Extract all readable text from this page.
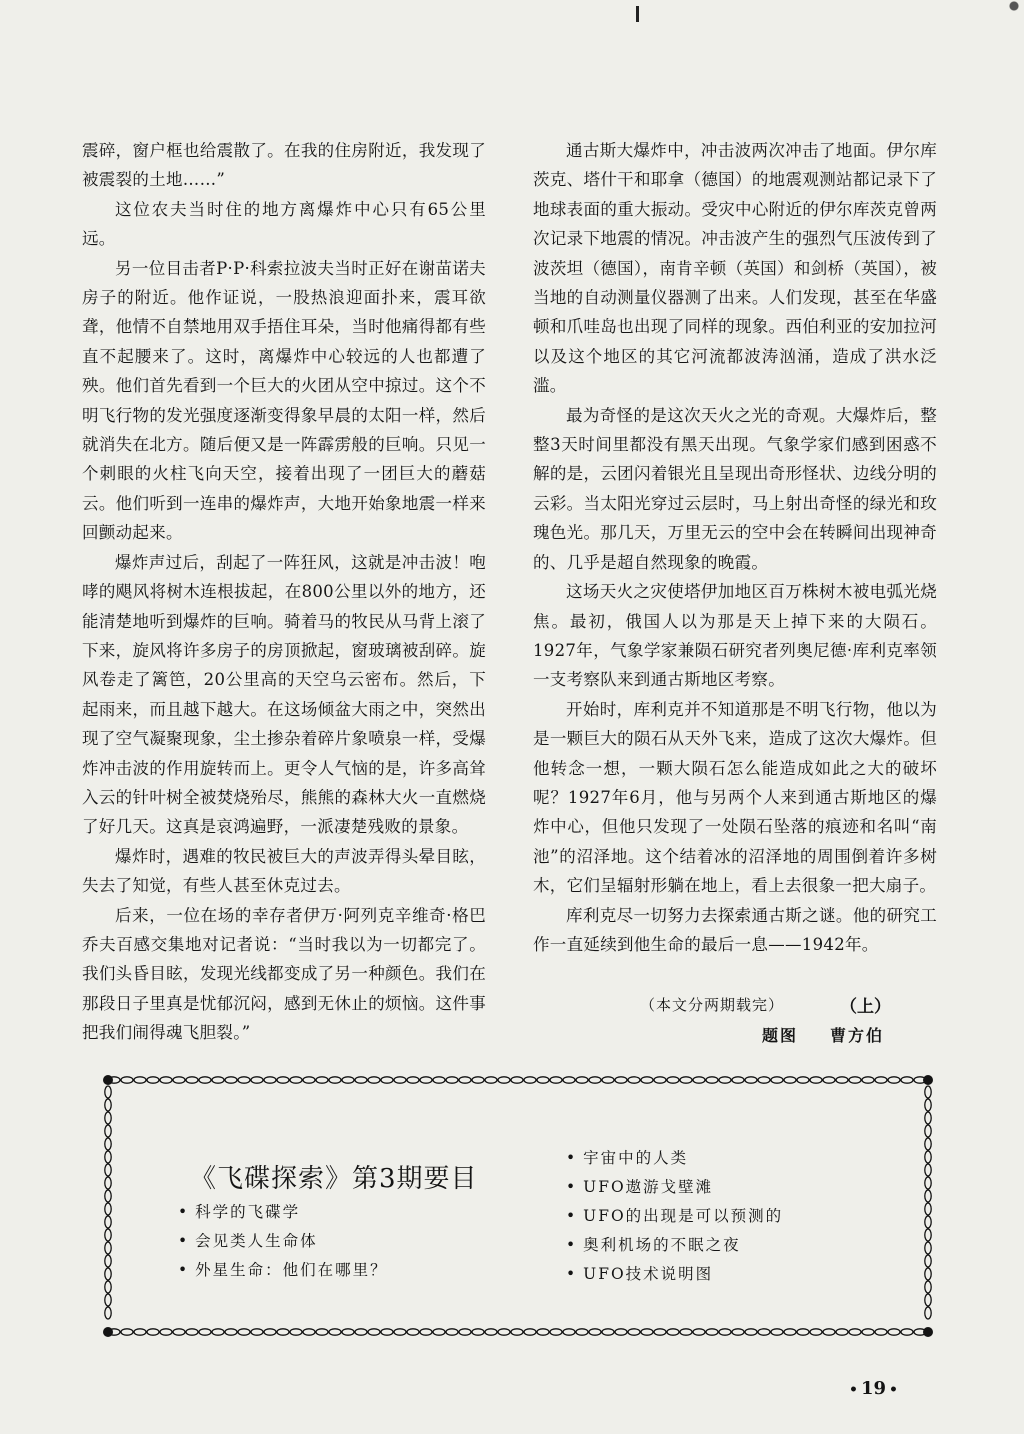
震碎，窗户框也给震散了。在我的住房附近，我发现了被震裂的土地……”

这位农夫当时住的地方离爆炸中心只有65公里远。

另一位目击者P·P·科索拉波夫当时正好在谢苗诺夫房子的附近。他作证说，一股热浪迎面扑来，震耳欲聋，他情不自禁地用双手捂住耳朵，当时他痛得都有些直不起腰来了。这时，离爆炸中心较远的人也都遭了殃。他们首先看到一个巨大的火团从空中掠过。这个不明飞行物的发光强度逐渐变得象早晨的太阳一样，然后就消失在北方。随后便又是一阵霹雳般的巨响。只见一个刺眼的火柱飞向天空，接着出现了一团巨大的蘑菇云。他们听到一连串的爆炸声，大地开始象地震一样来回颤动起来。

爆炸声过后，刮起了一阵狂风，这就是冲击波！咆哮的飓风将树木连根拔起，在800公里以外的地方，还能清楚地听到爆炸的巨响。骑着马的牧民从马背上滚了下来，旋风将许多房子的房顶掀起，窗玻璃被刮碎。旋风卷走了篱笆，20公里高的天空乌云密布。然后，下起雨来，而且越下越大。在这场倾盆大雨之中，突然出现了空气凝聚现象，尘土掺杂着碎片象喷泉一样，受爆炸冲击波的作用旋转而上。更令人气恼的是，许多高耸入云的针叶树全被焚烧殆尽，熊熊的森林大火一直燃烧了好几天。这真是哀鸿遍野，一派凄楚残败的景象。

爆炸时，遇难的牧民被巨大的声波弄得头晕目眩，失去了知觉，有些人甚至休克过去。

后来，一位在场的幸存者伊万·阿列克辛维奇·格巴乔夫百感交集地对记者说：“当时我以为一切都完了。我们头昏目眩，发现光线都变成了另一种颜色。我们在那段日子里真是忧郁沉闷，感到无休止的烦恼。这件事把我们闹得魂飞胆裂。”

通古斯大爆炸中，冲击波两次冲击了地面。伊尔库茨克、塔什干和耶拿（德国）的地震观测站都记录下了地球表面的重大振动。受灾中心附近的伊尔库茨克曾两次记录下地震的情况。冲击波产生的强烈气压波传到了波茨坦（德国），南肯辛顿（英国）和剑桥（英国），被当地的自动测量仪器测了出来。人们发现，甚至在华盛顿和爪哇岛也出现了同样的现象。西伯利亚的安加拉河以及这个地区的其它河流都波涛汹涌，造成了洪水泛滥。

最为奇怪的是这次天火之光的奇观。大爆炸后，整整3天时间里都没有黑天出现。气象学家们感到困惑不解的是，云团闪着银光且呈现出奇形怪状、边线分明的云彩。当太阳光穿过云层时，马上射出奇怪的绿光和玫瑰色光。那几天，万里无云的空中会在转瞬间出现神奇的、几乎是超自然现象的晚霞。

这场天火之灾使塔伊加地区百万株树木被电弧光烧焦。最初，俄国人以为那是天上掉下来的大陨石。1927年，气象学家兼陨石研究者列奥尼德·库利克率领一支考察队来到通古斯地区考察。

开始时，库利克并不知道那是不明飞行物，他以为是一颗巨大的陨石从天外飞来，造成了这次大爆炸。但他转念一想，一颗大陨石怎么能造成如此之大的破坏呢？1927年6月，他与另两个人来到通古斯地区的爆炸中心，但他只发现了一处陨石坠落的痕迹和名叫“南池”的沼泽地。这个结着冰的沼泽地的周围倒着许多树木，它们呈辐射形躺在地上，看上去很象一把大扇子。

库利克尽一切努力去探索通古斯之谜。他的研究工作一直延续到他生命的最后一息——1942年。

（本文分两期载完）	（上）
题图 曹方伯
《飞碟探索》第3期要目
• 科学的飞碟学
• 会见类人生命体
• 外星生命：他们在哪里？
• 宇宙中的人类
• UFO遨游戈壁滩
• UFO的出现是可以预测的
• 奥利机场的不眠之夜
• UFO技术说明图
• 19 •
